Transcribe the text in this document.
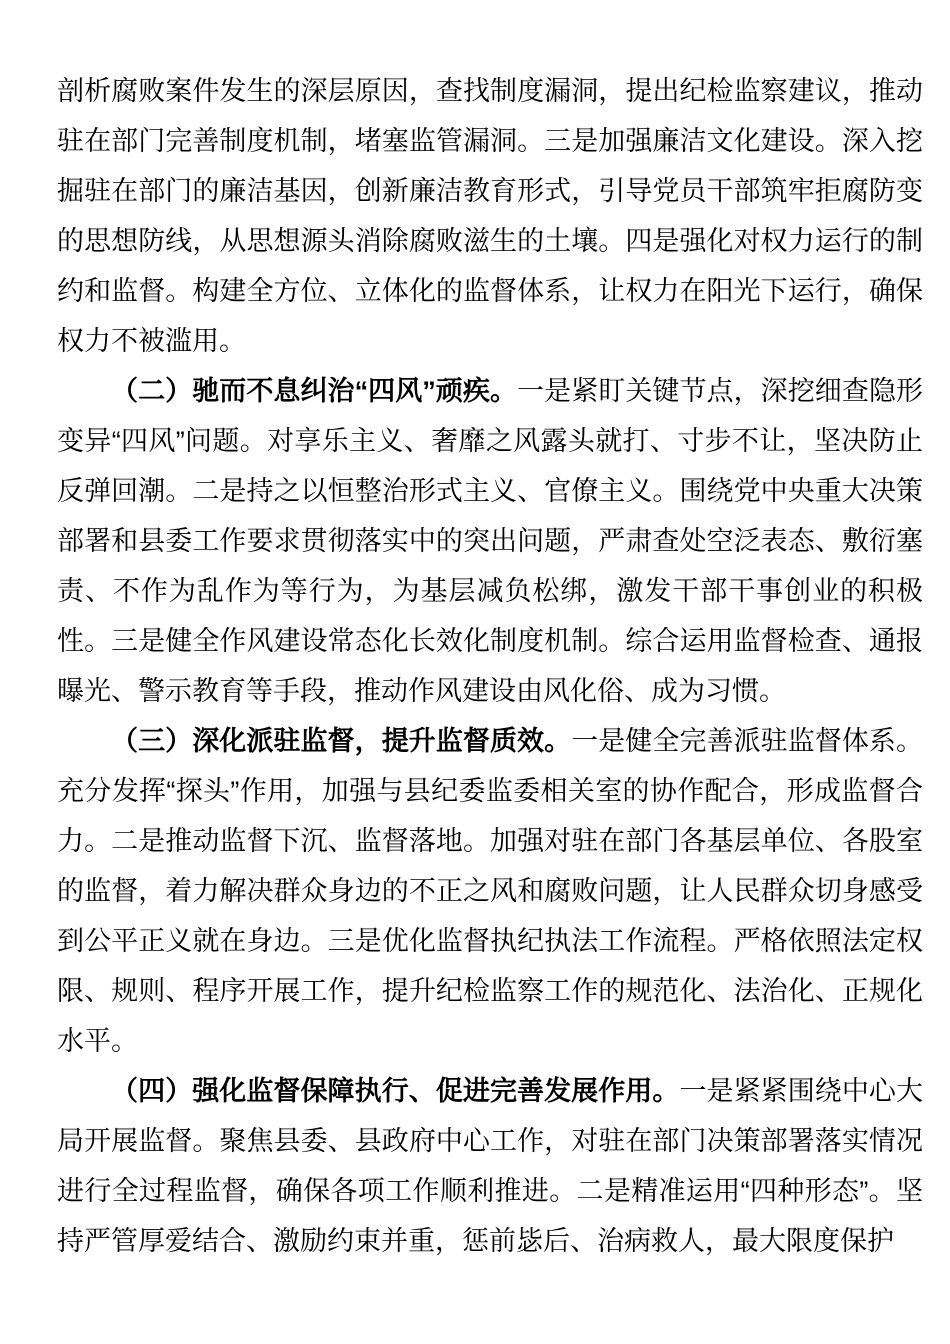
剖析腐败案件发生的深层原因，查找制度漏洞，提出纪检监察建议，推动驻在部门完善制度机制，堵塞监管漏洞。三是加强廉洁文化建设。深入挖掘驻在部门的廉洁基因，创新廉洁教育形式，引导党员干部筑牢拒腐防变的思想防线，从思想源头消除腐败滋生的土壤。四是强化对权力运行的制约和监督。构建全方位、立体化的监督体系，让权力在阳光下运行，确保权力不被滥用。

（二）驰而不息纠治“四风”顽疾。一是紧盯关键节点，深挖细查隐形变异“四风”问题。对享乐主义、奢靡之风露头就打、寸步不让，坚决防止反弹回潮。二是持之以恒整治形式主义、官僚主义。围绕党中央重大决策部署和县委工作要求贯彻落实中的突出问题，严肃查处空泛表态、敷衍塞责、不作为乱作为等行为，为基层减负松绑，激发干部干事创业的积极性。三是健全作风建设常态化长效化制度机制。综合运用监督检查、通报曝光、警示教育等手段，推动作风建设由风化俗、成为习惯。

（三）深化派驻监督，提升监督质效。一是健全完善派驻监督体系。充分发挥“探头”作用，加强与县纪委监委相关室的协作配合，形成监督合力。二是推动监督下沉、监督落地。加强对驻在部门各基层单位、各股室的监督，着力解决群众身边的不正之风和腐败问题，让人民群众切身感受到公平正义就在身边。三是优化监督执纪执法工作流程。严格依照法定权限、规则、程序开展工作，提升纪检监察工作的规范化、法治化、正规化水平。

（四）强化监督保障执行、促进完善发展作用。一是紧紧围绕中心大局开展监督。聚焦县委、县政府中心工作，对驻在部门决策部署落实情况进行全过程监督，确保各项工作顺利推进。二是精准运用“四种形态”。坚持严管厚爱结合、激励约束并重，惩前毖后、治病救人，最大限度保护
